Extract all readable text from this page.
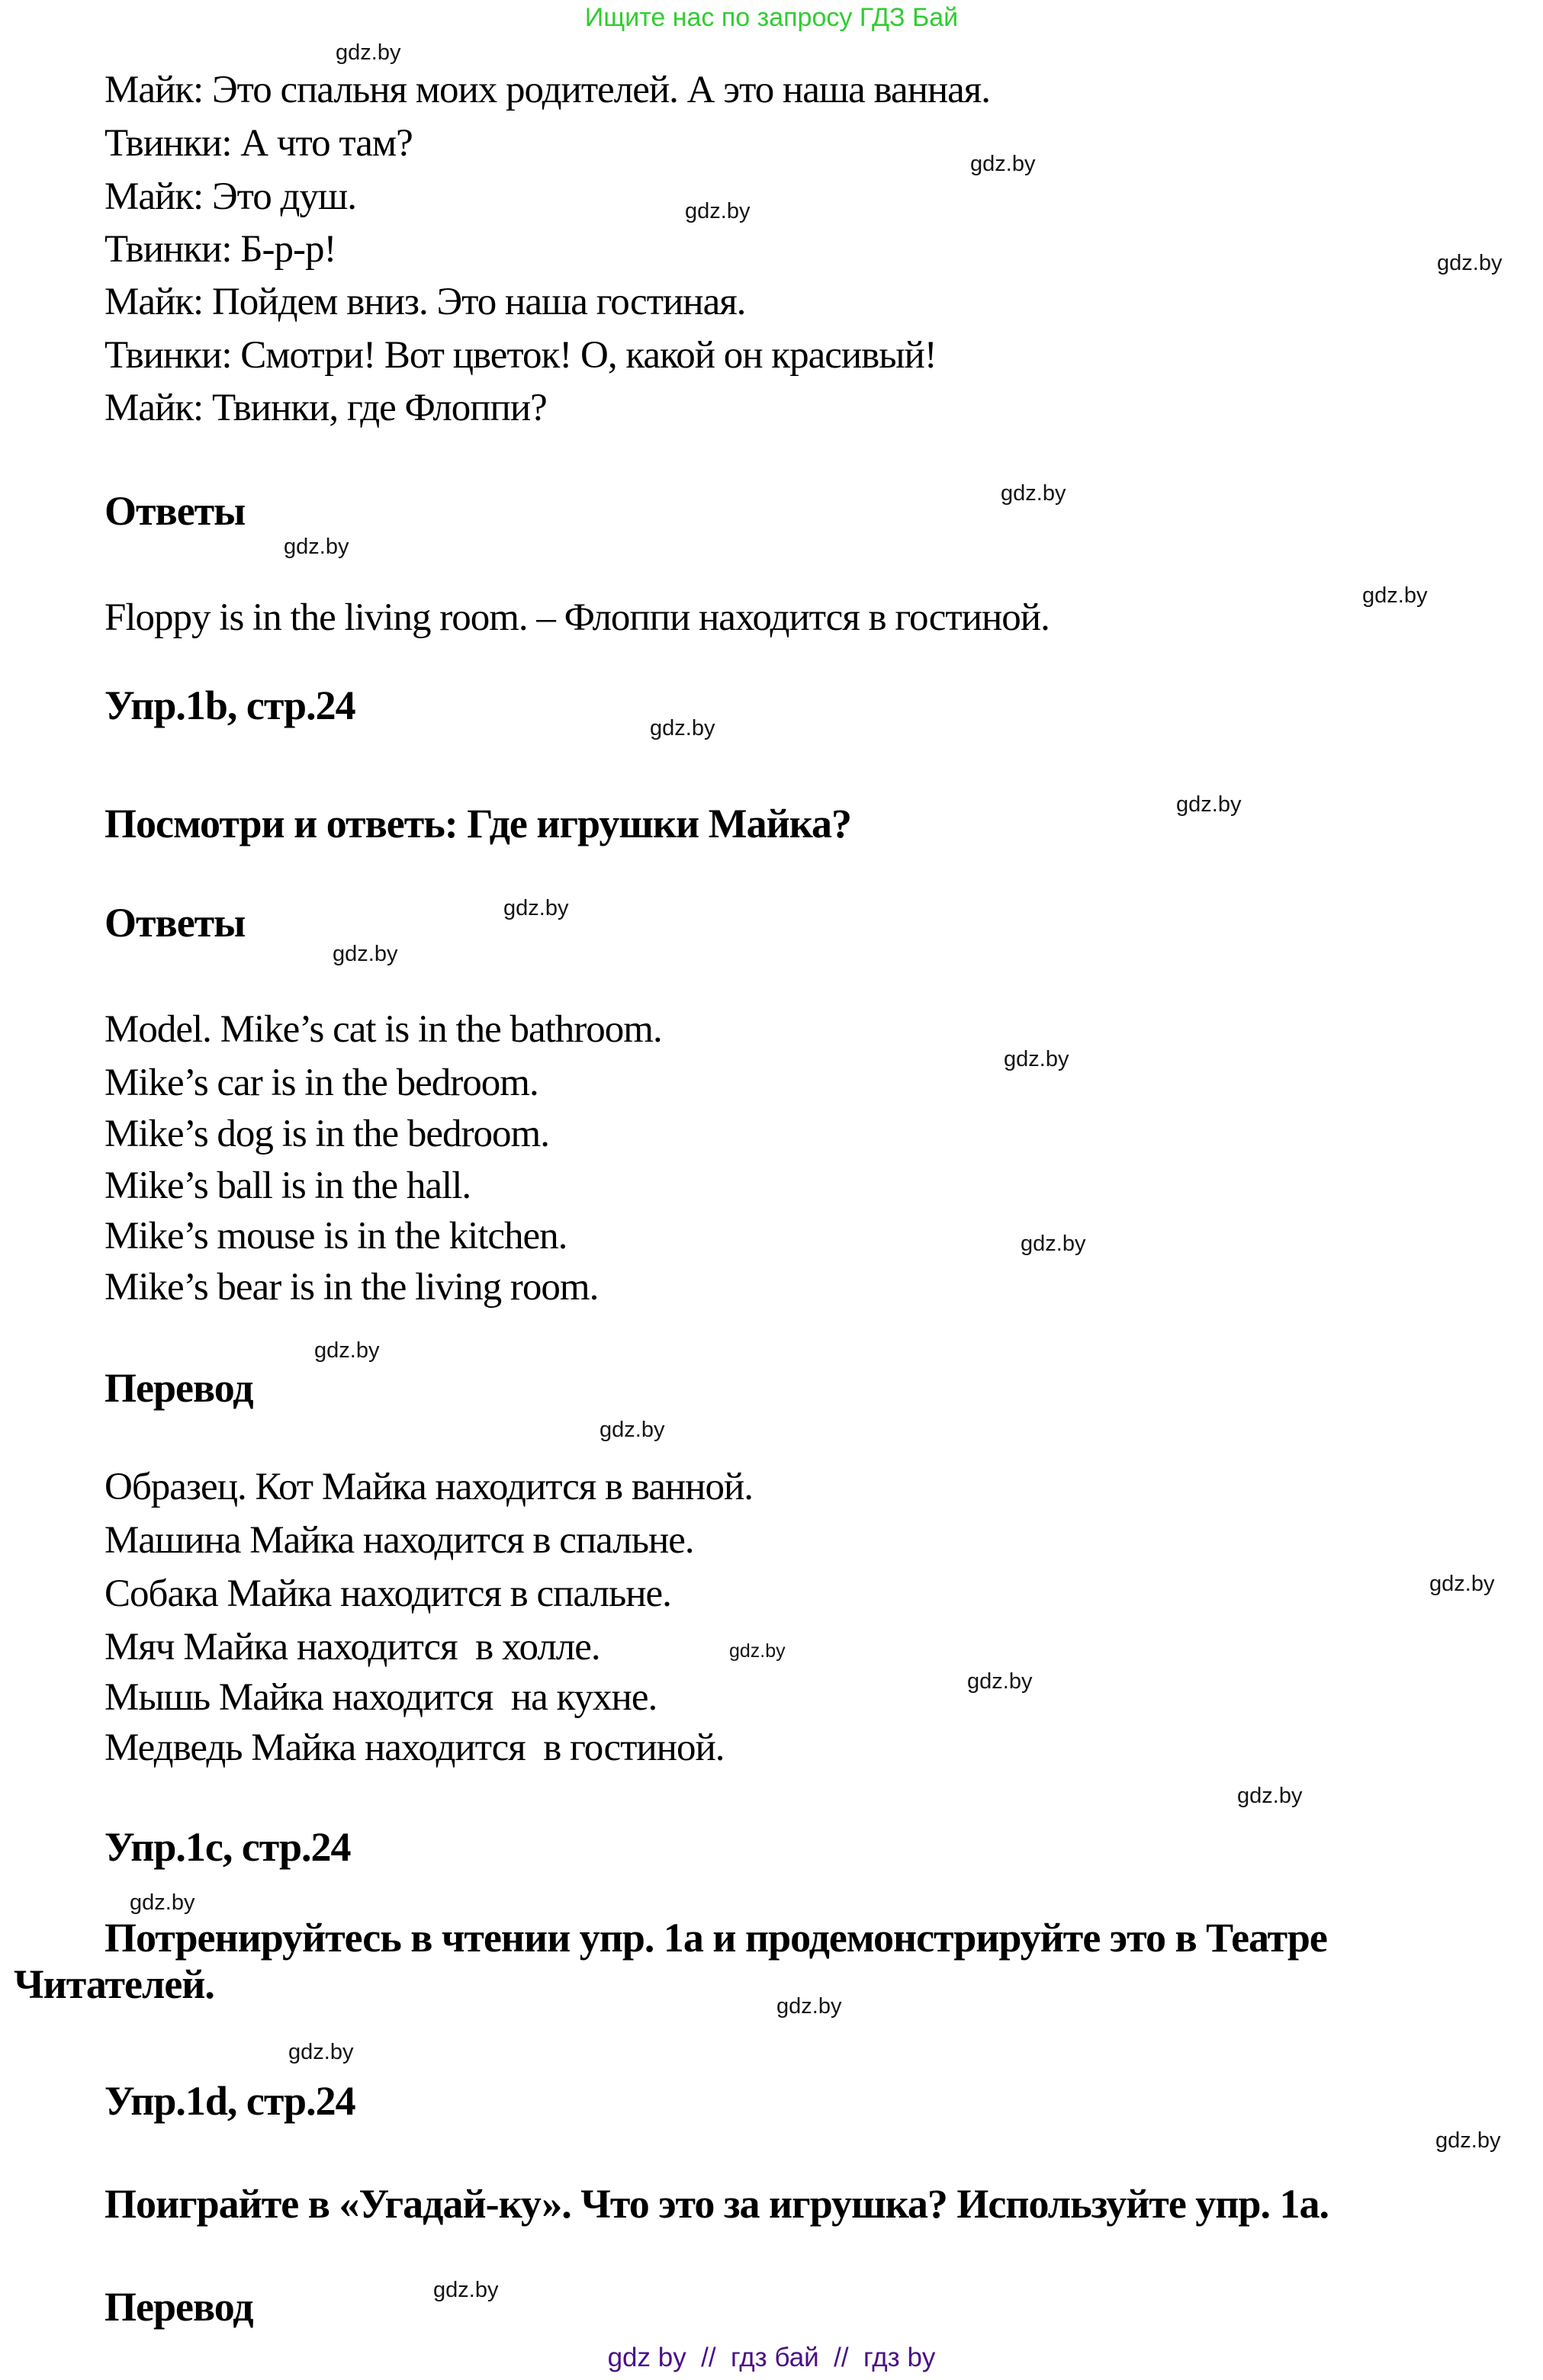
Ищите нас по запросу ГДЗ Бай
Майк: Это спальня моих родителей. А это наша ванная.
Твинки: А что там?
Майк: Это душ.
Твинки: Б-р-р!
Майк: Пойдем вниз. Это наша гостиная.
Твинки: Смотри! Вот цветок! О, какой он красивый!
Майк: Твинки, где Флоппи?
Ответы
Floppy is in the living room. – Флоппи находится в гостиной.
Упр.1b, стр.24
Посмотри и ответь: Где игрушки Майка?
Ответы
Model. Mike’s cat is in the bathroom.
Mike’s car is in the bedroom.
Mike’s dog is in the bedroom.
Mike’s ball is in the hall.
Mike’s mouse is in the kitchen.
Mike’s bear is in the living room.
Перевод
Образец. Кот Майка находится в ванной.
Машина Майка находится в спальне.
Собака Майка находится в спальне.
Мяч Майка находится  в холле.
Мышь Майка находится  на кухне.
Медведь Майка находится  в гостиной.
Упр.1c, стр.24
Потренируйтесь в чтении упр. 1а и продемонстрируйте это в Театре
Читателей.
Упр.1d, стр.24
Поиграйте в «Угадай-ку». Что это за игрушка? Используйте упр. 1а.
Перевод
gdz.by
gdz.by
gdz.by
gdz.by
gdz.by
gdz.by
gdz.by
gdz.by
gdz.by
gdz.by
gdz.by
gdz.by
gdz.by
gdz.by
gdz.by
gdz.by
gdz.by
gdz.by
gdz.by
gdz.by
gdz.by
gdz.by
gdz.by
gdz.by
gdz by  //  гдз бай  //  гдз by
